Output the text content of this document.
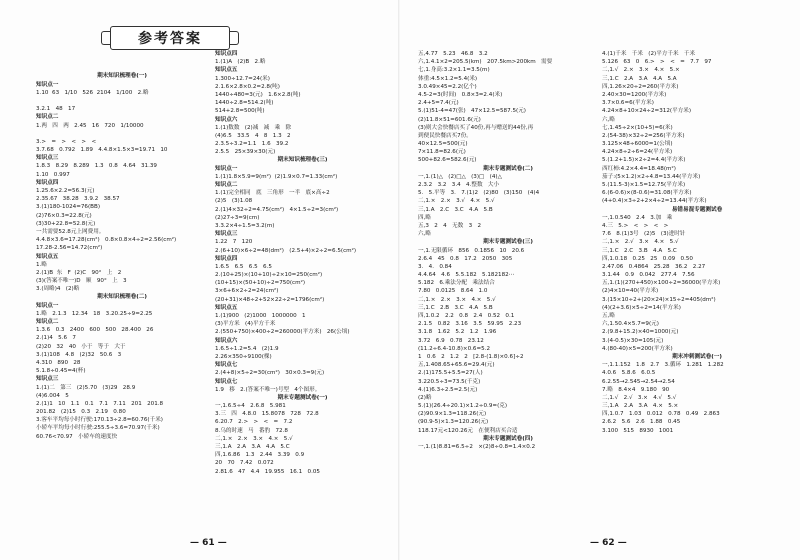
参考答案
期末知识梳理卷(一)
知识点一
1.10  63   1/10   526  2104   1/100   2.略
3.2.1   48   17
知识点二
1.两   四   两   2.45   16   720   1/10000
3.>   =   >   <   >   <
3.7.68   0.792   1.89   4.4.8×1.5×3=19.71   10
知识点三
1.8.3   8.29   8.289   1.3   0.8   4.64   31.39
1.10   0.997
知识点四
1.25.6×2.2=56.3(元)
2.35.67   38.28   3.9.2   38.57
3.(1)180-1024=76(BB)
(2)76×0.3=22.8(元)
(3)30+22.8=52.8(元)
一共需要52.8元上网费用。
4.4.8×3.6=17.28(cm²)   0.8×0.8×4÷2=2.56(cm²)
17.28-2.56=14.72(cm²)
知识点五
1.略
2.(1)B  东   F  (2)C   90°   上   2
(3)(答案不唯一)D   顺   90°   上   3
3.(周略)4   (2)略
期末知识梳理卷(二)
知识点一
1.略   2.1.3   12.34   18   3.20.25÷9=2.25
知识点二
1.3.6   0.3   2400   600   500   28.400   26
2.(1)4   5.6   7
(2)20   32   40   小于   等于   大于
3.(1)108   4.8   (2)32   50.6   3
4.310   890   28
5.1.8÷0.45=4(杯)
知识点三
1.(1)二   第三   (2)5.70   (3)29   28.9
(4)6.004   5
2.(1)1   10   1.1   0.1   7.1   7.11   201   201.8
201.82   (2)15   0.3   2.19   0.80
3.客车平均每小时行驶:170.13÷2.8=60.76(千米)
小轿车平均每小时行驶:255.5÷3.6=70.97(千米)
60.76<70.97   小轿车的速度快
知识点四
1.(1)A   (2)B   2.略
知识点五
1.300÷12.7=24(米)
2.1.6×2.8×0.2=2.8(吨)
1440÷480=3(元)   1.6×2.8(吨)
1440÷2.8=514.2(吨)
514+2.8=500(吨)
知识点六
1.(1)数数   (2)减   减   乘   除
(4)6.5   33.5   4   8   1.3   2
2.3.5÷3.2=1.1   1.6   39.2
2.5.5   25×39×30(元)
期末知识梳理卷(三)
知识点一
1.(1)1.8×5.9=9(m²)  (2)1.9×0.7=1.33(cm²)
知识点二
1.(1)完全相同   底   三角形   一半   底×高÷2
(2)5   (3)1.08
2.(1)4×32÷2=4.75(cm²)   4×1.5÷2=3(cm²)
(2)27÷3=9(cm)
3.3.2×4÷1.5=3.2(m)
知识点三
1.22   7   120
2.(6+10)×6÷2=48(dm²)   (2.5+4)×2÷2=6.5(cm²)
知识点四
1.6.5   6.5   6.5   6.5
2.(10+25)×(10+10)÷2×10=250(cm²)
(10+15)×(50+10)÷2=750(cm²)
3×6+6×2÷2=24(cm²)
(20+31)×48÷2+52×22÷2=1796(cm²)
知识点五
1.(1)900   (2)1000   1000000   1
(3)平方米   (4)平方千米
2.(550+750)×400÷2=260000(平方米)   26(公顷)
知识点六
1.6.5÷1.2=5.4   (2)1.9
2.26×350÷9100(棵)
知识点七
2.(4+8)×5÷2=30(cm²)   30×0.3=9(元)
知识点七
1.9   移   2.(答案不唯一)号型   4个图形。
期末专题测试卷(一)
一,1.6.5÷4   2.6.8   5.981
3.三   四   4.8.0   15.8078   728   72.8
6.20.7   2.>   >   <   =   7.2
8.乌的时速   马   番豹   72.8
二,1.×   2.×   3.×   4.×   5.√
三,1.A   2.A   3.A   4.A   5.C
四,1.6.86   1.3   2.44   3.39   0.9
20   70   7.42   0.072
2.81.6   47   4.4   19.955   16.1   0.05
— 61 —
五,4.77   5.23   46.8   3.2
六,1.4.1×2=205.5(km)   207.5km>200km   需要
七,1.身高:3.2×1.1=3.5(m)
体重:4.5×1.2=5.4(米)
3.0.49×45=2.2(亿个)
4.5-2=3(时间)   0.8×3=2.4(米)
2.4+5=7.4(元)
5.(1)51-4=47(张)   47×12.5=587.5(元)
(2)11.8×51=601.6(元)
(3)则大会快餐店买了40份,再与赠送的44份,再
到便民快餐店买7份。
40×12.5=500(元)
7×11.8=82.6(元)
500+82.6=582.6(元)
期末专题测试卷(二)
一,1.(1)△   (2)□△   (3)□   (4)△
2.3.2   3.2   3.4   4.整数   大小
5.   5.平等   3.   7.(1)2   (2)80   (3)150   (4)4
二,1.×   2.×   3.√   4.×   5.√
三,1.A   2.C   3.C   4.A   5.B
四,略
五,3   2   4   无数   3   2
六,略
期末专题测试卷(三)
一,1.无限循环   856   0.1856   10   20.6
2.6.4   45   0.8   17.2   2050   305
3.   4.   0.84
4.4.64   4.6   5.5.182   5.182182⋯
5.182   6.乘法分配   乘法结合
7.80   0.0125   8.64   1.0
二,1.×   2.×   3.×   4.×   5.√
三,1.C   2.B   3.C   4.A   5.B
四,1.0.2   2.2   0.8   2.4   0.52   0.1
2.1.5   0.82   3.16   3.5   59.95   2.23
3.1.8   1.62   5.2   1.2   1.96
3.72   6.9   0.78   23.12
(11.2÷6.4-10.8)×0.6=5.2
1   0.6   2   1.2   2   [2.8-(1.8)×0.6]÷2
五,1.408.65+65.6=29.4(元)
2.(1)175.5+5.5=27(人)
3.220.5÷3=73.5(千克)
4.(1)6.3÷2.5=2.5(元)
(2)略
5.(1)(26.4÷20.1)×1.2÷0.9=(克)
(2)90.9×1.3=118.26(元)
(90.9-5)×1.3=120.26(元)
118.17元<120.26元   在便利店买合适
期末专题测试卷(四)
一,1.(1)8.81=6.5÷2   ×(2)8÷0.8=1.4×0.2
4.(1)千米   千米   (2)平方千米   千米
5.126   63   0   6.>   >   <   =   7.7   97
二,1.√   2.×   3.×   4.×   5.×
三,1.C   2.A   3.A   4.A   5.A
四,1.26×20÷2=260(平方米)
2.40×30=1200(平方米)
3.7×0.6=6(平方米)
4.24×8+10×24÷2=312(平方米)
六,略
七,1.45÷2×(10+5)=6(米)
2.(54-38)×32÷2=256(平方米)
3.125×48÷6000=1(公顷)
4.24×8÷2÷6=24(平方米)
5.(1.2+1.5)×2÷2=4.4(平方米)
西红柿:4.2×4.4=18.48(m²)
茄子:(5×1.2)×2÷4.8=13.44(平方米)
5.(11.5-3)×1.5=12.75(平方米)
6.(6-0.6)×(8-0.6)=31.08(平方米)
(4+0.4)×3÷2+2×4÷2=13.44(平方米)
易错易混专题测试卷
一,1.0.540   2.4   3.加   乘
4.三   5.>   <   >   <   >
7.6   8.(1)3号   (2)5   (3)进时针
二,1.×   2.√   3.×   4.×   5.√
三,1.C   2.C   3.B   4.A   5.C
四,1.0.18   0.25   25   0.09   0.50
2.47.06   0.4864   25.28   36.2   2.27
3.1.44   0.9   0.042   277.4   7.56
五,1.(1)(270+450)×100÷2=36000(平方米)
(2)4×10=40(平方米)
3.(15×10÷2+(20×24)×15÷2=405(dm²)
(4)(2+3.6)×5÷2=14(平方米)
五,略
六,1.50.4×5.7=9(元)
2.(9.8+15.2)×40=1000(元)
3.(4-0.5)×30=105(元)
4.(80-40)×5=200(平方米)
期末冲刺测试卷(一)
一,1.1.152   1.8   2.7   3.循环   1.281   1.282
4.0.6   5.8.6   6.0.5
6.2.55→2.545→2.54→2.54
7.略   8.4×4   9.180   90
二,1.√   2.√   3.×   4.√   5.√
三,1.A   2.A   3.A   4.×   5.×
四,1.0.7   1.03   0.012   0.78   0.49   2.863
2.6.2   5.6   2.6   1.88   0.45
3.100   515   8930   1001
— 62 —
